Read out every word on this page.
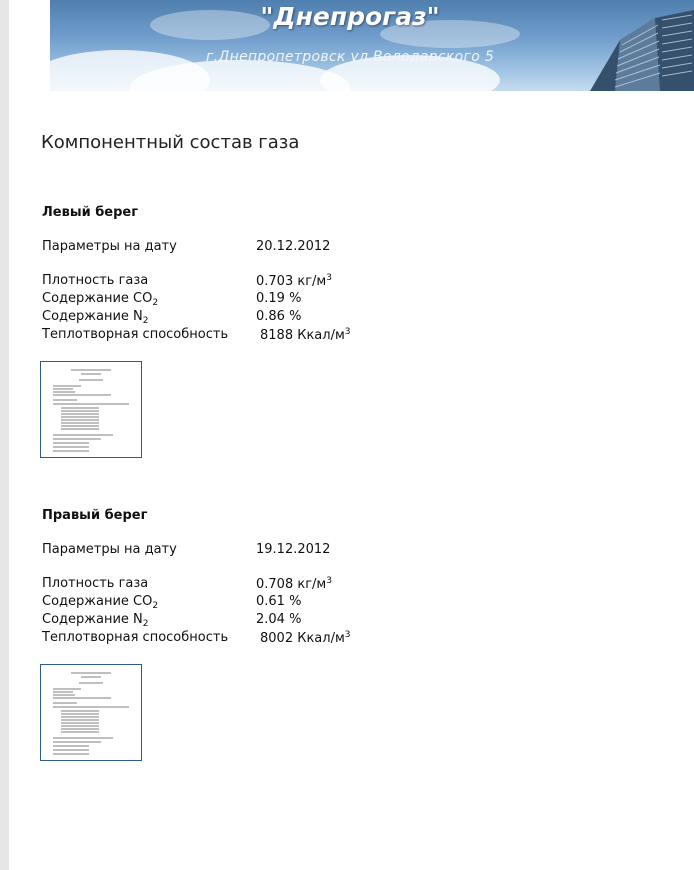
"Днепрогаз"
г.Днепропетровск ул.Володарского 5
Компонентный состав газа
Левый берег
Параметры на дату	20.12.2012
Плотность газа	0.703 $кг/м^3$
Содержание $CO_2$	0.19 %
Содержание $N_2$	0.86 %
Теплотворная способность 8188 Ккал/$м^3$
Правый берег
Параметры на дату	19.12.2012
Плотность газа	0.708 $кг/м^3$
Содержание $CO_2$	0.61 %
Содержание $N_2$	2.04 %
Теплотворная способность 8002 Ккал/$м^3$
